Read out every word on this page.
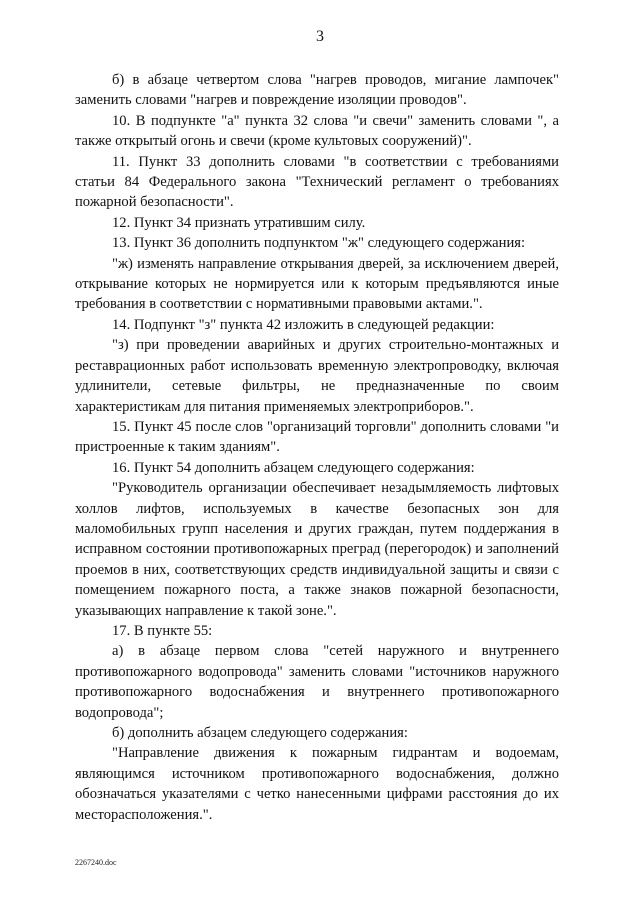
3

б) в абзаце четвертом слова "нагрев проводов, мигание лампочек" заменить словами "нагрев и повреждение изоляции проводов".

10. В подпункте "а" пункта 32 слова "и свечи" заменить словами ", а также открытый огонь и свечи (кроме культовых сооружений)".

11. Пункт 33 дополнить словами "в соответствии с требованиями статьи 84 Федерального закона "Технический регламент о требованиях пожарной безопасности".

12. Пункт 34 признать утратившим силу.

13. Пункт 36 дополнить подпунктом "ж" следующего содержания:

"ж) изменять направление открывания дверей, за исключением дверей, открывание которых не нормируется или к которым предъявляются иные требования в соответствии с нормативными правовыми актами.".

14. Подпункт "з" пункта 42 изложить в следующей редакции:

"з) при проведении аварийных и других строительно-монтажных и реставрационных работ использовать временную электропроводку, включая удлинители, сетевые фильтры, не предназначенные по своим характеристикам для питания применяемых электроприборов.".

15. Пункт 45 после слов "организаций торговли" дополнить словами "и пристроенные к таким зданиям".

16. Пункт 54 дополнить абзацем следующего содержания:

"Руководитель организации обеспечивает незадымляемость лифтовых холлов лифтов, используемых в качестве безопасных зон для маломобильных групп населения и других граждан, путем поддержания в исправном состоянии противопожарных преград (перегородок) и заполнений проемов в них, соответствующих средств индивидуальной защиты и связи с помещением пожарного поста, а также знаков пожарной безопасности, указывающих направление к такой зоне.".

17. В пункте 55:

а) в абзаце первом слова "сетей наружного и внутреннего противопожарного водопровода" заменить словами "источников наружного противопожарного водоснабжения и внутреннего противопожарного водопровода";

б) дополнить абзацем следующего содержания:

"Направление движения к пожарным гидрантам и водоемам, являющимся источником противопожарного водоснабжения, должно обозначаться указателями с четко нанесенными цифрами расстояния до их месторасположения.".

2267240.doc
